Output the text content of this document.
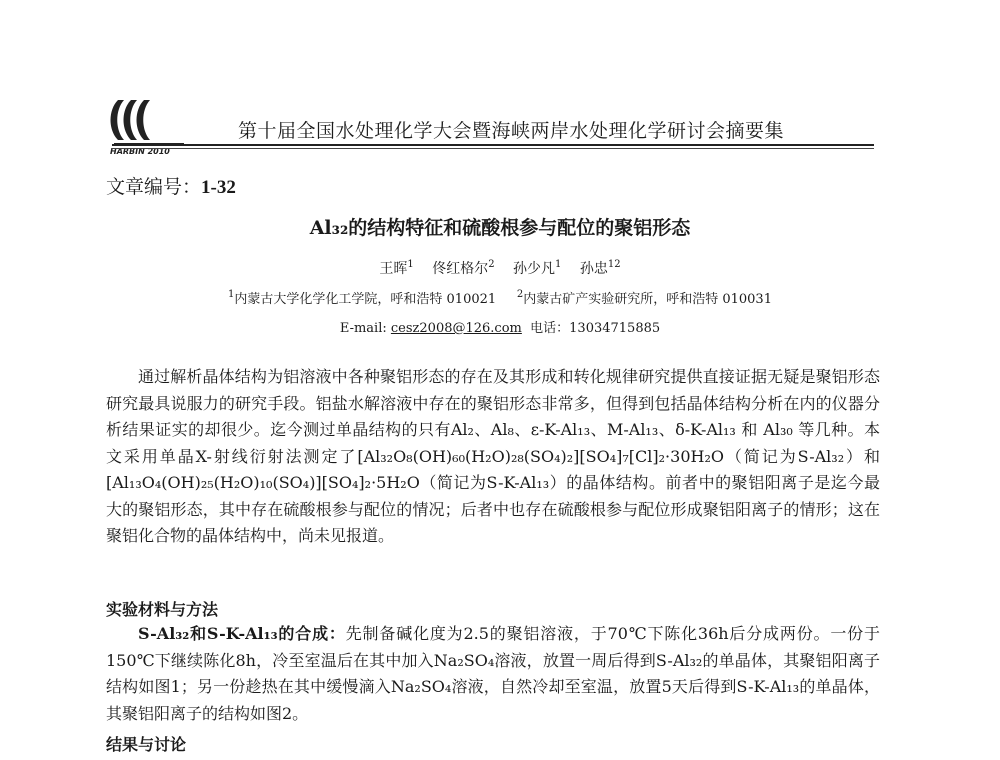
HARBIN 2010
第十届全国水处理化学大会暨海峡两岸水处理化学研讨会摘要集
文章编号：1-32
Al₃₂的结构特征和硫酸根参与配位的聚铝形态
王晖$^1$ 佟红格尔$^2$ 孙少凡$^1$ 孙忠$^{12}$
$^1$内蒙古大学化学化工学院，呼和浩特 010021 $^2$内蒙古矿产实验研究所，呼和浩特 010031
E-mail: cesz2008@126.com 电话：13034715885
通过解析晶体结构为铝溶液中各种聚铝形态的存在及其形成和转化规律研究提供直接证据无疑是聚铝形态研究最具说服力的研究手段。铝盐水解溶液中存在的聚铝形态非常多，但得到包括晶体结构分析在内的仪器分析结果证实的却很少。迄今测过单晶结构的只有Al₂、Al₈、ε-K-Al₁₃、M-Al₁₃、δ-K-Al₁₃ 和 Al₃₀ 等几种。本文采用单晶X-射线衍射法测定了[Al₃₂O₈(OH)₆₀(H₂O)₂₈(SO₄)₂][SO₄]₇[Cl]₂·30H₂O（简记为S-Al₃₂）和[Al₁₃O₄(OH)₂₅(H₂O)₁₀(SO₄)][SO₄]₂·5H₂O（简记为S-K-Al₁₃）的晶体结构。前者中的聚铝阳离子是迄今最大的聚铝形态，其中存在硫酸根参与配位的情况；后者中也存在硫酸根参与配位形成聚铝阳离子的情形；这在聚铝化合物的晶体结构中，尚未见报道。
实验材料与方法
S-Al₃₂和S-K-Al₁₃的合成：先制备碱化度为2.5的聚铝溶液，于70℃下陈化36h后分成两份。一份于150℃下继续陈化8h，冷至室温后在其中加入Na₂SO₄溶液，放置一周后得到S-Al₃₂的单晶体，其聚铝阳离子结构如图1；另一份趁热在其中缓慢滴入Na₂SO₄溶液，自然冷却至室温，放置5天后得到S-K-Al₁₃的单晶体，其聚铝阳离子的结构如图2。
结果与讨论
